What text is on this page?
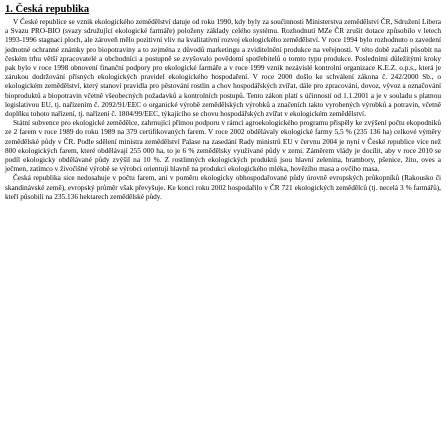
1. Česká republika

V České republice se vznik ekologického zemědělství datuje od roku 1990, kdy byly za součinnosti Ministerstva zemědělství ČR, Sdružení Libera a Svazu PRO-BIO (svazy sdružující ekologické farmáře) položeny základy celého systému. Rozhodnutí MZe ČR zrušit dotace způsobilo v letech 1993-1996 stagnaci ploch, ale zároveň mělo pozitivní vliv na kvalitativní rozvoj ekologického zemědělství. V roce 1994 bylo rozhodnuto o zavedení jednotné ochranné známky pro biopotraviny a to zejména z důvodů marketingu a zviditelnění produkce na veřejnosti. V této době začali působit na českém trhu větší zpracovatelé a obchodníci a postupně se zvyšovalo povědomí spotřebitelů o tomto typu produkce. Posledními důležitými kroky pak bylo v roce 1998 obnovení finanční podpory pro ekologické farmáře a v roce 1999 vznik nezávislé kontrolní organizace K.E.Z. o.p.s., která je zárukou dodržování přísných ekologických pravidel ekologického hospodaření. V roce 2000 došlo ke schválení zákona č. 242/2000 Sb., o ekologickém zemědělství, který stanoví pravidla pro pěstování rostlin a chov hospodářských zvířat, dále pro zpracování, dovoz, vývoz a označování bioproduktů a biopotravin včetně všeobecných požadavků a kontrolních postupů. Tento zákon platí s účinností od 1.1.2001 a je v souladu s platnou legislativou EU, tj. nařízením č. 2092/91/EEC o organické výrobě zemědělských výrobků a značeních takto vyrobených výrobků a potravin, včetně doplňku tohoto nařízení, tj. nařízení č. 1804/99/EEC, týkajícího se chovu hospodářských zvířat v ekologickém zemědělství.

Státní subvence pro ekologické zemědělce, zahrnující přímou podporu v rámci agroekologického programu přispěly ke zvýšení počtu ekopodniků ze 2 farem v roce 1989 do roku 1989 na 379 certifikovaných farem. V roce 2002 obdělávaly ekologické farmy 5,5 % (235 136 ha) celkové výměry zemědělské půdy v ČR. Podle sdělení ministra zemědělství Palase na zasedání Rady ministrů EU v červnu 2004 je nyní v České republice více než 800 ekologických farem, které obdělávají 255 000 ha, to je 6 % zemědělsky využívané půdy v zemi. Záměrem vlády je docílit, aby v roce 2010 se podíl ekologicky obdělávané půdy zvýšil na 10 %. Z rostlinných ekologických produktů jsou hlavní zelenina, brambory, pšenice, žito, oves a ječmen, zatímco v živočišné výrobě se výrobci orientují hlavně na produkci ekologického mléka, hovězího masa a ovčího masa.

Česká republika sice nedosahuje v počtu farem, ani v poměru ekologicky obhospodařované půdy úrovně evropských průkopníků (Rakousko či skandinávské země), evropský průměr však převyšuje. Ke konci roku 2002 hospodařilo v ČR 721 ekologických zemědělců (tj. necelá 3 % farmářů), kteří působili na 235.136 hektarech zemědělské půdy.
